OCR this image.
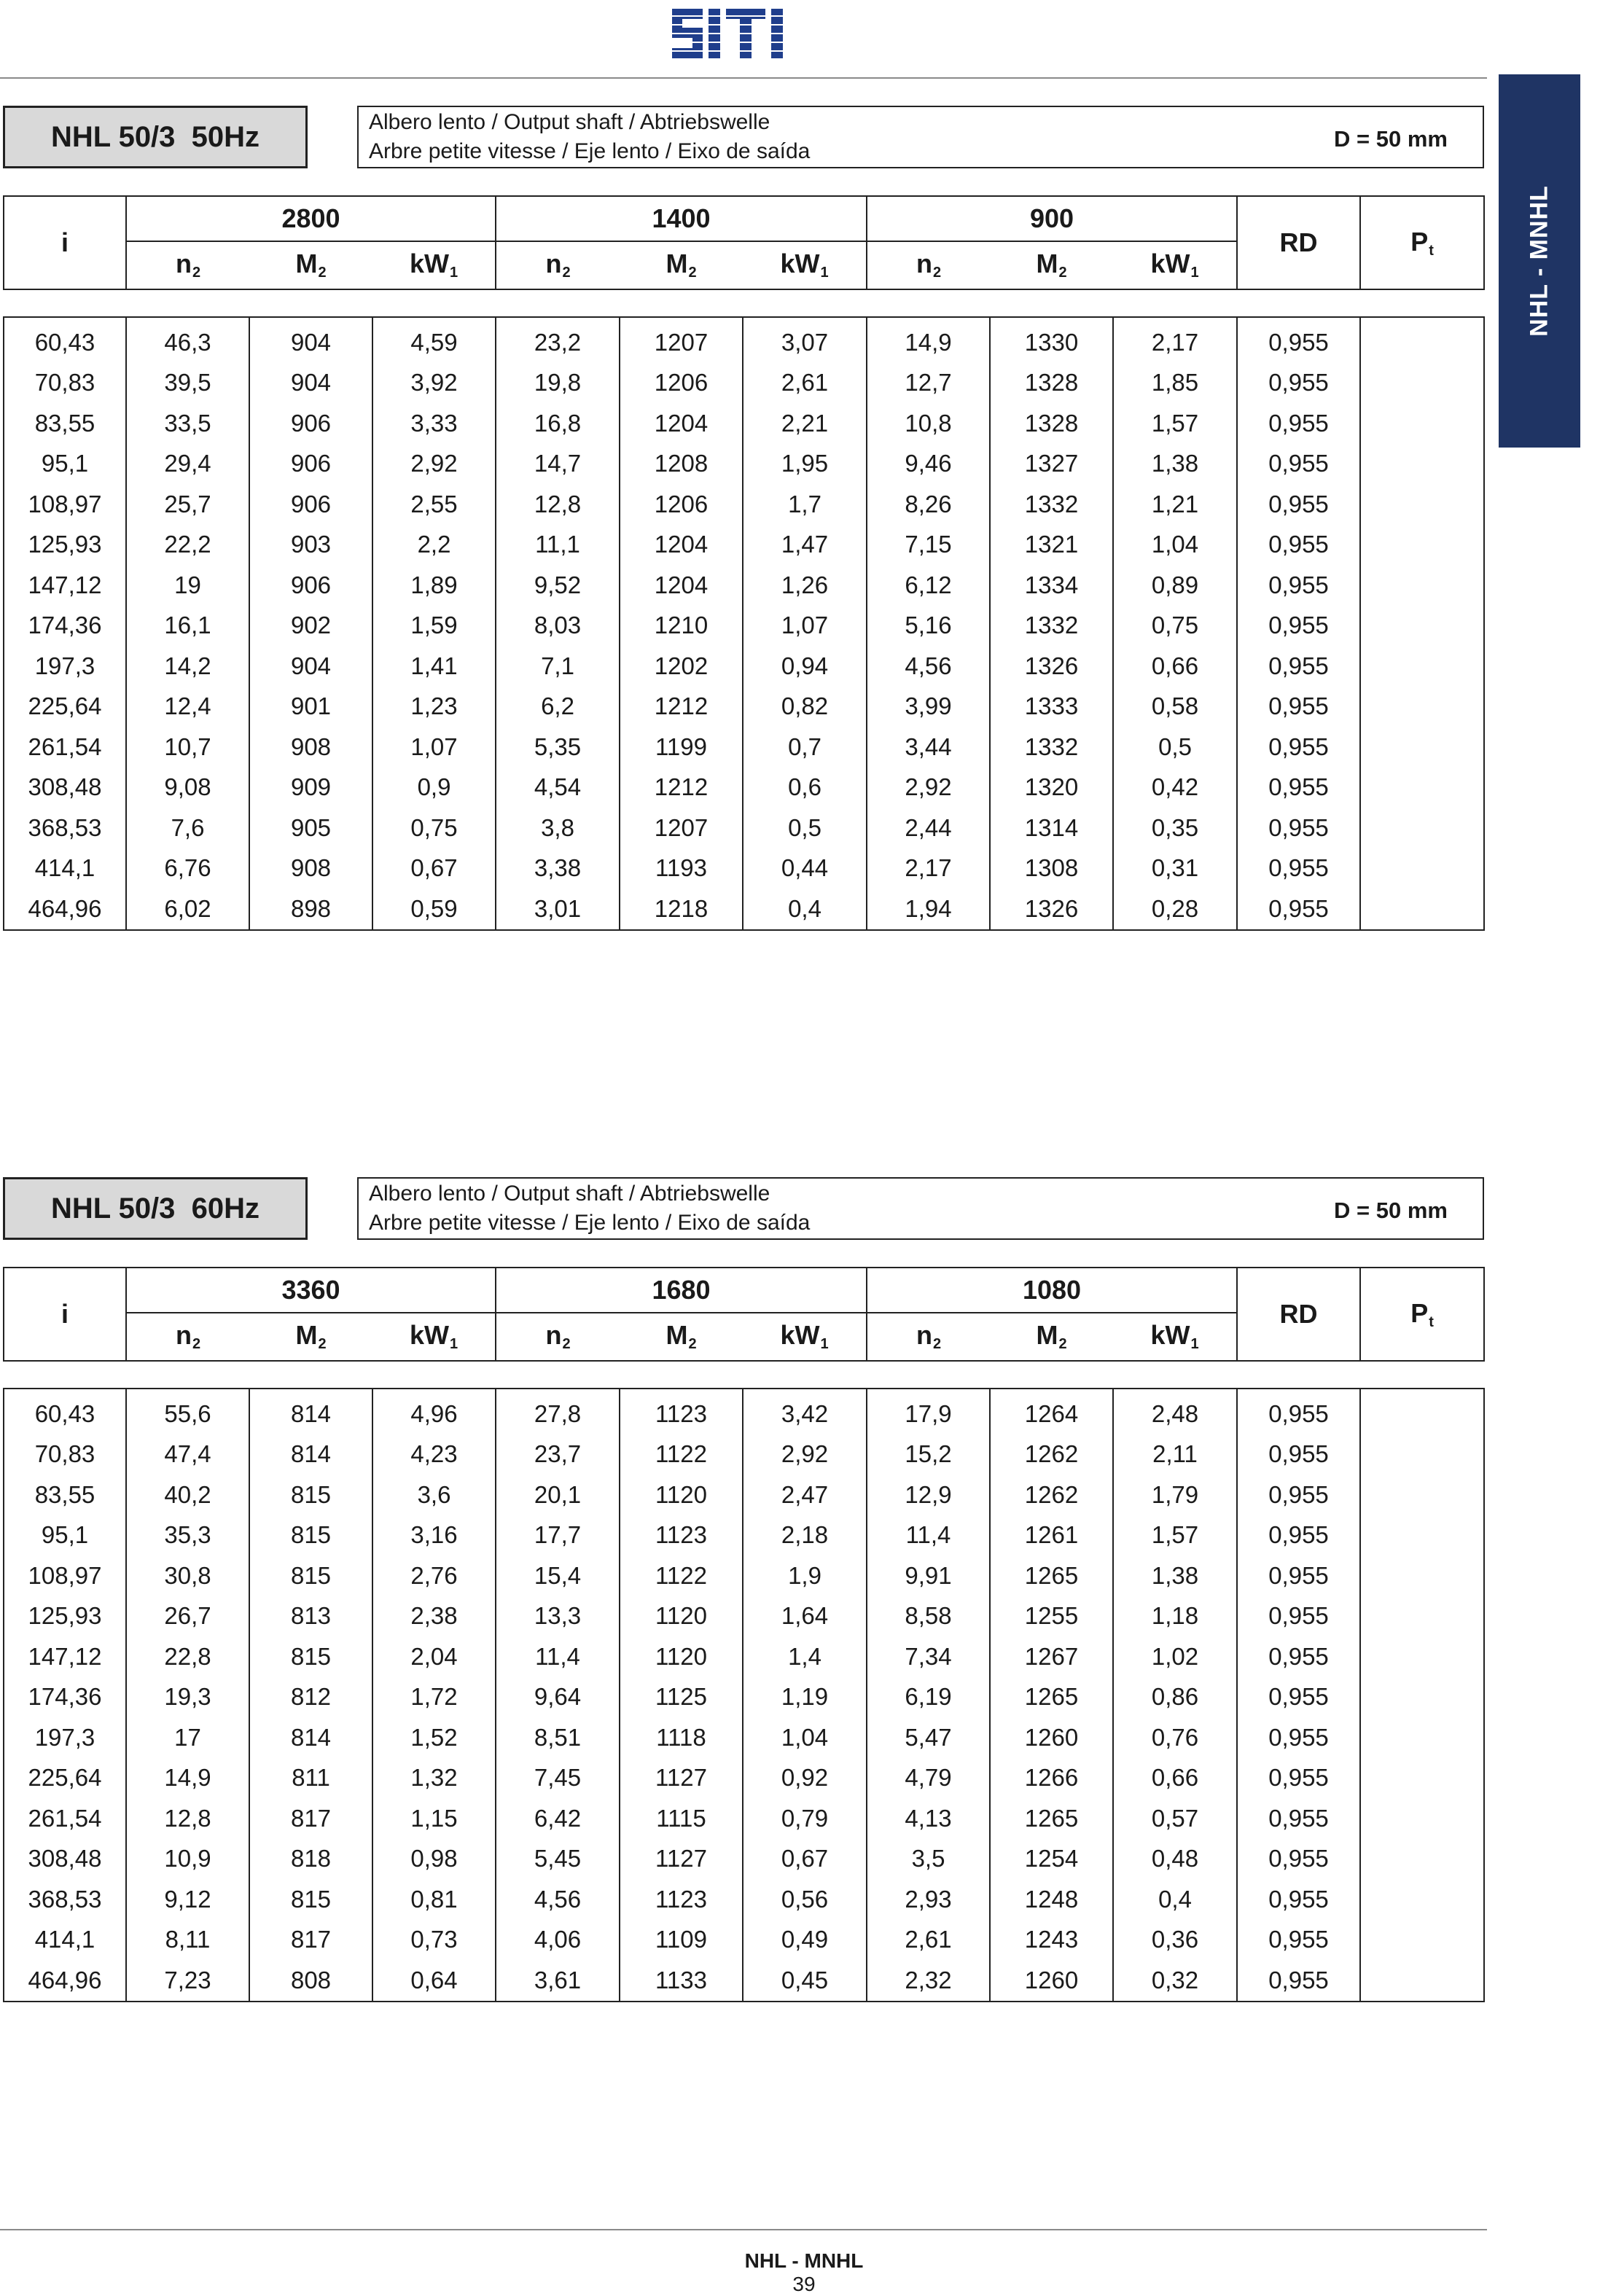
NHL - MNHL
NHL 50/3  50Hz	Albero lento / Output shaft / Abtriebswelle
Arbre petite vitesse / Eje lento / Eixo de saída	D = 50 mm
i	2800			1400			900			RD	$P_t$
	$n_2$	$M_2$	$kW_1$	$n_2$	$M_2$	$kW_1$	$n_2$	$M_2$	$kW_1$
60,43	46,3	904	4,59	23,2	1207	3,07	14,9	1330	2,17	0,955	
70,83	39,5	904	3,92	19,8	1206	2,61	12,7	1328	1,85	0,955	
83,55	33,5	906	3,33	16,8	1204	2,21	10,8	1328	1,57	0,955	
95,1	29,4	906	2,92	14,7	1208	1,95	9,46	1327	1,38	0,955	
108,97	25,7	906	2,55	12,8	1206	1,7	8,26	1332	1,21	0,955	
125,93	22,2	903	2,2	11,1	1204	1,47	7,15	1321	1,04	0,955	
147,12	19	906	1,89	9,52	1204	1,26	6,12	1334	0,89	0,955	
174,36	16,1	902	1,59	8,03	1210	1,07	5,16	1332	0,75	0,955	
197,3	14,2	904	1,41	7,1	1202	0,94	4,56	1326	0,66	0,955	
225,64	12,4	901	1,23	6,2	1212	0,82	3,99	1333	0,58	0,955	
261,54	10,7	908	1,07	5,35	1199	0,7	3,44	1332	0,5	0,955	
308,48	9,08	909	0,9	4,54	1212	0,6	2,92	1320	0,42	0,955	
368,53	7,6	905	0,75	3,8	1207	0,5	2,44	1314	0,35	0,955	
414,1	6,76	908	0,67	3,38	1193	0,44	2,17	1308	0,31	0,955	
464,96	6,02	898	0,59	3,01	1218	0,4	1,94	1326	0,28	0,955	
NHL 50/3  60Hz	Albero lento / Output shaft / Abtriebswelle
Arbre petite vitesse / Eje lento / Eixo de saída	D = 50 mm
i	3360			1680			1080			RD	$P_t$
	$n_2$	$M_2$	$kW_1$	$n_2$	$M_2$	$kW_1$	$n_2$	$M_2$	$kW_1$
60,43	55,6	814	4,96	27,8	1123	3,42	17,9	1264	2,48	0,955	
70,83	47,4	814	4,23	23,7	1122	2,92	15,2	1262	2,11	0,955	
83,55	40,2	815	3,6	20,1	1120	2,47	12,9	1262	1,79	0,955	
95,1	35,3	815	3,16	17,7	1123	2,18	11,4	1261	1,57	0,955	
108,97	30,8	815	2,76	15,4	1122	1,9	9,91	1265	1,38	0,955	
125,93	26,7	813	2,38	13,3	1120	1,64	8,58	1255	1,18	0,955	
147,12	22,8	815	2,04	11,4	1120	1,4	7,34	1267	1,02	0,955	
174,36	19,3	812	1,72	9,64	1125	1,19	6,19	1265	0,86	0,955	
197,3	17	814	1,52	8,51	1118	1,04	5,47	1260	0,76	0,955	
225,64	14,9	811	1,32	7,45	1127	0,92	4,79	1266	0,66	0,955	
261,54	12,8	817	1,15	6,42	1115	0,79	4,13	1265	0,57	0,955	
308,48	10,9	818	0,98	5,45	1127	0,67	3,5	1254	0,48	0,955	
368,53	9,12	815	0,81	4,56	1123	0,56	2,93	1248	0,4	0,955	
414,1	8,11	817	0,73	4,06	1109	0,49	2,61	1243	0,36	0,955	
464,96	7,23	808	0,64	3,61	1133	0,45	2,32	1260	0,32	0,955	
NHL - MNHL
39
